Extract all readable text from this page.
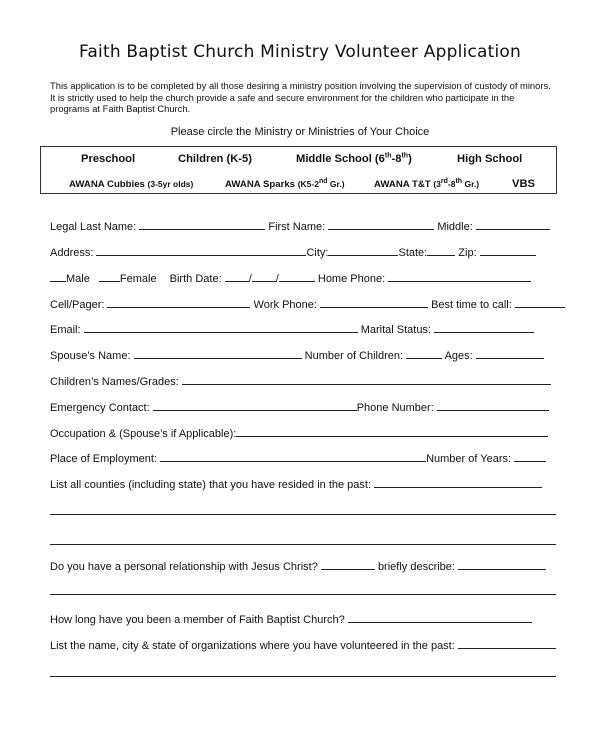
Faith Baptist Church Ministry Volunteer Application
This application is to be completed by all those desiring a ministry position involving the supervision of custody of minors.
It is strictly used to help the church provide a safe and secure environment for the children who participate in the
programs at Faith Baptist Church.
Please circle the Ministry or Ministries of Your Choice
Preschool	Children (K-5)	Middle School (6th-8th)	High School
AWANA Cubbies (3-5yr olds)	AWANA Sparks (K5-2nd Gr.)	AWANA T&T (3rd-8th Gr.)	VBS
Legal Last Name:	First Name:	Middle:
Address:	City:	State:	Zip:
Male	Female Birth Date: / /	Home Phone:
Cell/Pager:	Work Phone:	Best time to call:
Email:	Marital Status:
Spouse’s Name:	Number of Children:	Ages:
Children’s Names/Grades:
Emergency Contact:	Phone Number:
Occupation & (Spouse’s if Applicable):
Place of Employment:	Number of Years:
List all counties (including state) that you have resided in the past:
Do you have a personal relationship with Jesus Christ?	briefly describe:
How long have you been a member of Faith Baptist Church?
List the name, city & state of organizations where you have volunteered in the past:
